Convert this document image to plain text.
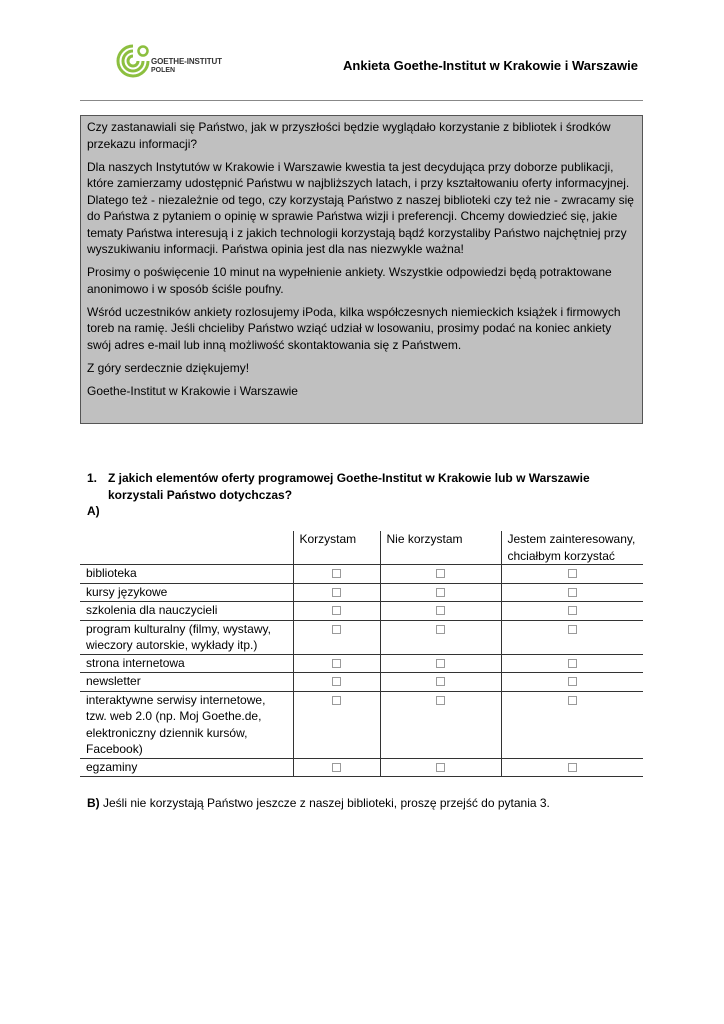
GOETHE-INSTITUT
POLEN	Ankieta Goethe-Institut w Krakowie i Warszawie

Czy zastanawiali się Państwo, jak w przyszłości będzie wyglądało korzystanie z bibliotek i środków przekazu informacji?

Dla naszych Instytutów w Krakowie i Warszawie kwestia ta jest decydująca przy doborze publikacji, które zamierzamy udostępnić Państwu w najbliższych latach, i przy kształtowaniu oferty informacyjnej. Dlatego też - niezależnie od tego, czy korzystają Państwo z naszej biblioteki czy też nie - zwracamy się do Państwa z pytaniem o opinię w sprawie Państwa wizji i preferencji. Chcemy dowiedzieć się, jakie tematy Państwa interesują i z jakich technologii korzystają bądź korzystaliby Państwo najchętniej przy wyszukiwaniu informacji. Państwa opinia jest dla nas niezwykle ważna!

Prosimy o poświęcenie 10 minut na wypełnienie ankiety. Wszystkie odpowiedzi będą potraktowane anonimowo i w sposób ściśle poufny.

Wśród uczestników ankiety rozlosujemy iPoda, kilka współczesnych niemieckich książek i firmowych toreb na ramię. Jeśli chcieliby Państwo wziąć udział w losowaniu, prosimy podać na koniec ankiety swój adres e-mail lub inną możliwość skontaktowania się z Państwem.

Z góry serdecznie dziękujemy!

Goethe-Institut w Krakowie i Warszawie

1. Z jakich elementów oferty programowej Goethe-Institut w Krakowie lub w Warszawie korzystali Państwo dotychczas?
A)
	Korzystam	Nie korzystam	Jestem zainteresowany, chciałbym korzystać
biblioteka			
kursy językowe			
szkolenia dla nauczycieli			
program kulturalny (filmy, wystawy, wieczory autorskie, wykłady itp.)			
strona internetowa			
newsletter			
interaktywne serwisy internetowe, tzw. web 2.0 (np. Moj Goethe.de, elektroniczny dziennik kursów, Facebook)			
egzaminy			
B) Jeśli nie korzystają Państwo jeszcze z naszej biblioteki, proszę przejść do pytania 3.
